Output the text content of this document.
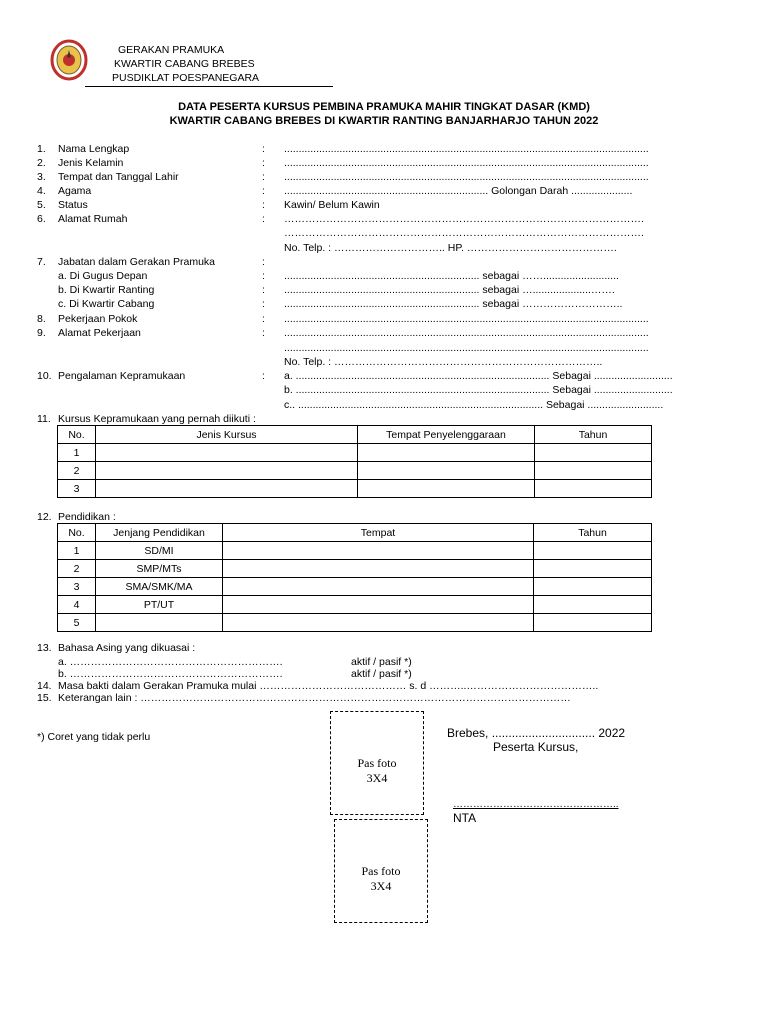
GERAKAN PRAMUKA
KWARTIR CABANG BREBES
PUSDIKLAT POESPANEGARA
DATA PESERTA KURSUS PEMBINA PRAMUKA MAHIR TINGKAT DASAR (KMD)
KWARTIR CABANG BREBES DI KWARTIR RANTING BANJARHARJO TAHUN 2022
1. Nama Lengkap	: .............................................................................................................................
2. Jenis Kelamin	: .............................................................................................................................
3. Tempat dan Tanggal Lahir	: .............................................................................................................................
4. Agama	: ...................................................................... Golongan Darah .....................
5. Status	: Kawin/ Belum Kawin
6. Alamat Rumah	: ………………………………………………………………………………………….
………………………………………………………………………………………….
No. Telp. : ………………………….. HP. …………………………………….
7. Jabatan dalam Gerakan Pramuka	:
a. Di Gugus Depan	: ................................................................... sebagai ……..........................
b. Di Kwartir Ranting	: ................................................................... sebagai …....................…….
c. Di Kwartir Cabang	: ................................................................... sebagai ………………………..
8. Pekerjaan Pokok	: .............................................................................................................................
9. Alamat Pekerjaan	: .............................................................................................................................
.............................................................................................................................
No. Telp. : …………………………………………………………………..
10. Pengalaman Kepramukaan	: a. ....................................................................................... Sebagai ...........................
b. ....................................................................................... Sebagai ...........................
c.. .................................................................................... Sebagai ..........................
11. Kursus Kepramukaan yang pernah diikuti :
No.	Jenis Kursus	Tempat Penyelenggaraan	Tahun
1			
2			
3			
12. Pendidikan :
No.	Jenjang Pendidikan	Tempat	Tahun
1	SD/MI		
2	SMP/MTs		
3	SMA/SMK/MA		
4	PT/UT		
5			
13. Bahasa Asing yang dikuasai :
a. …………………………………………………….	aktif / pasif *)
b. …………………………………………………….	aktif / pasif *)
14. Masa bakti dalam Gerakan Pramuka mulai …………………………………… s. d ………..………………………………..
15. Keterangan lain : ……………………………………………………………………………………………………………
*) Coret yang tidak perlu
Pas foto
3X4
Pas foto
3X4
Brebes, ............................... 2022
Peserta Kursus,
…………………………………………..
NTA
